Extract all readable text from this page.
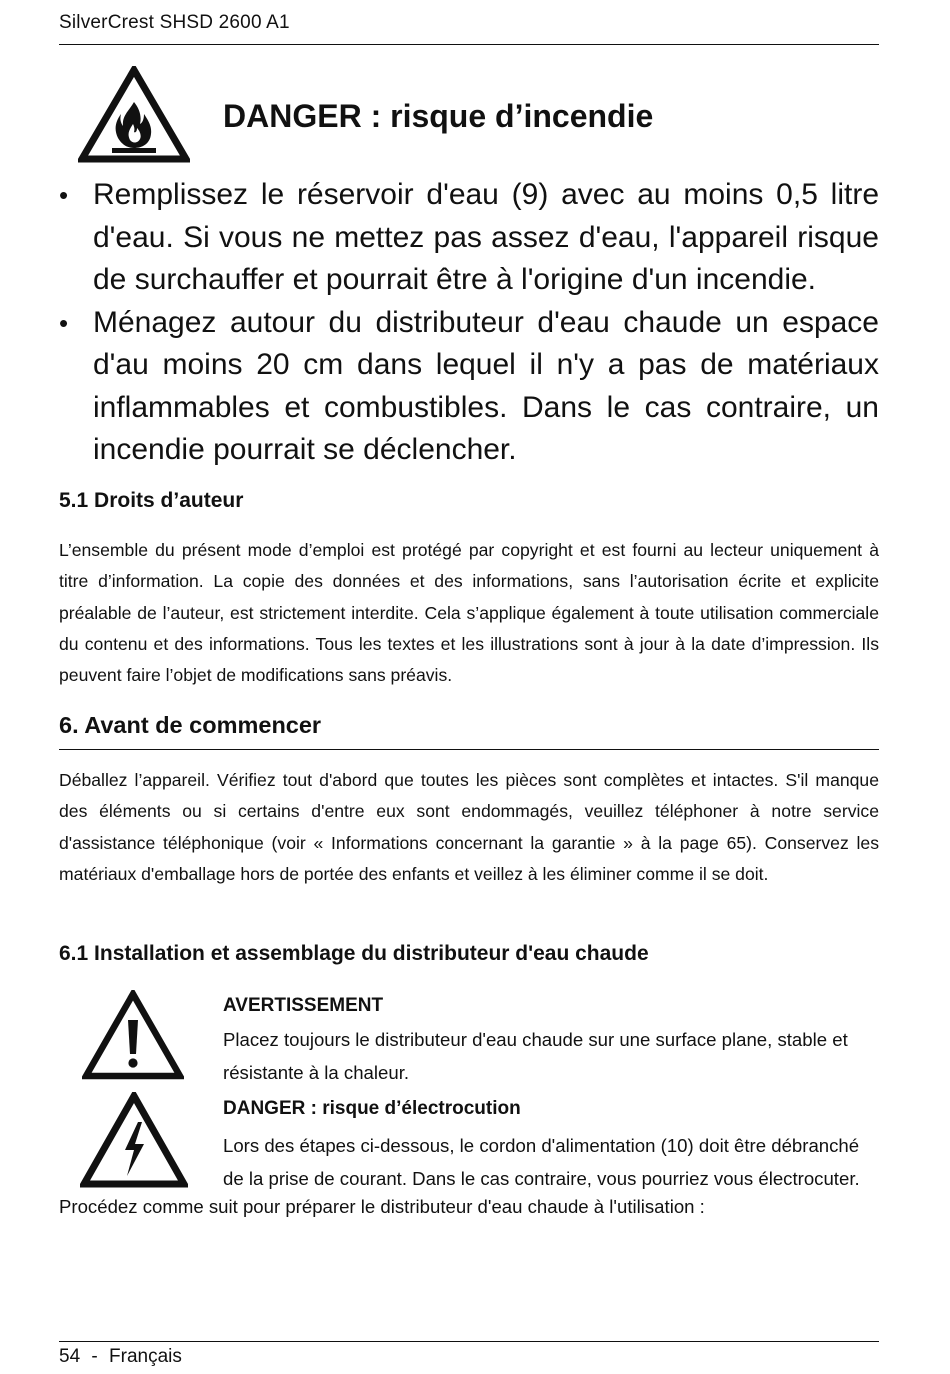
SilverCrest SHSD 2600 A1
DANGER : risque d’incendie
• Remplissez le réservoir d'eau (9) avec au moins 0,5 litre d'eau. Si vous ne mettez pas assez d'eau, l'appareil risque de surchauffer et pourrait être à l'origine d'un incendie.
• Ménagez autour du distributeur d'eau chaude un espace d'au moins 20 cm dans lequel il n'y a pas de matériaux inflammables et combustibles. Dans le cas contraire, un incendie pourrait se déclencher.
5.1 Droits d’auteur
L’ensemble du présent mode d’emploi est protégé par copyright et est fourni au lecteur uniquement à titre d’information. La copie des données et des informations, sans l’autorisation écrite et explicite préalable de l’auteur, est strictement interdite. Cela s’applique également à toute utilisation commerciale du contenu et des informations. Tous les textes et les illustrations sont à jour à la date d’impression. Ils peuvent faire l’objet de modifications sans préavis.
6. Avant de commencer
Déballez l’appareil. Vérifiez tout d'abord que toutes les pièces sont complètes et intactes. S'il manque des éléments ou si certains d'entre eux sont endommagés, veuillez téléphoner à notre service d'assistance téléphonique (voir « Informations concernant la garantie » à la page 65). Conservez les matériaux d'emballage hors de portée des enfants et veillez à les éliminer comme il se doit.
6.1 Installation et assemblage du distributeur d'eau chaude
AVERTISSEMENT
Placez toujours le distributeur d'eau chaude sur une surface plane, stable et résistante à la chaleur.
DANGER : risque d’électrocution
Lors des étapes ci-dessous, le cordon d'alimentation (10) doit être débranché de la prise de courant. Dans le cas contraire, vous pourriez vous électrocuter.
Procédez comme suit pour préparer le distributeur d'eau chaude à l'utilisation :
54 - Français
